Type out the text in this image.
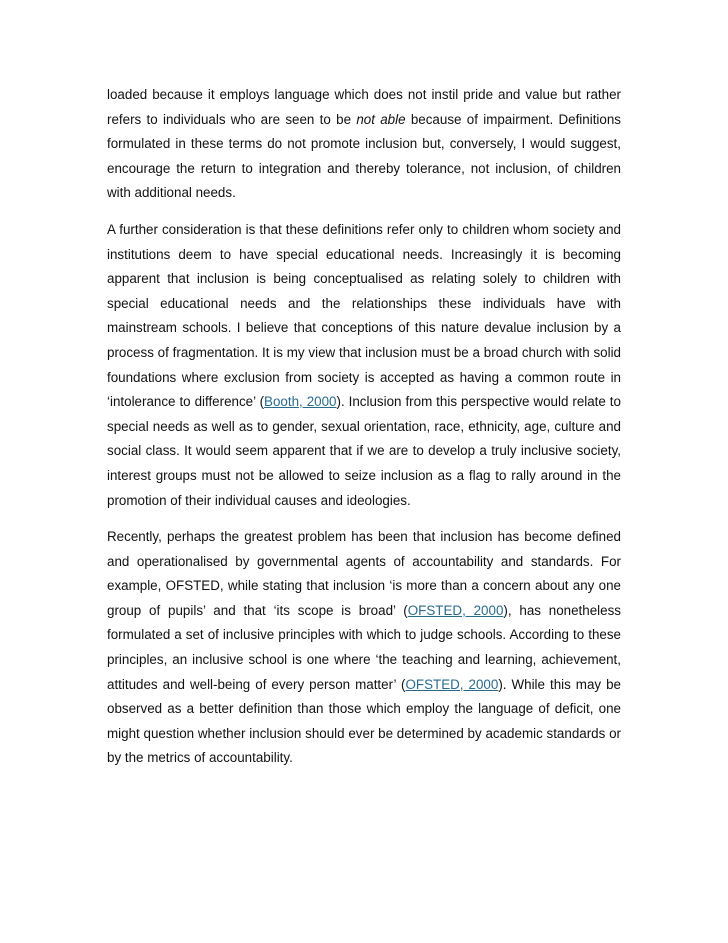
loaded because it employs language which does not instil pride and value but rather refers to individuals who are seen to be not able because of impairment. Definitions formulated in these terms do not promote inclusion but, conversely, I would suggest, encourage the return to integration and thereby tolerance, not inclusion, of children with additional needs.

A further consideration is that these definitions refer only to children whom society and institutions deem to have special educational needs. Increasingly it is becoming apparent that inclusion is being conceptualised as relating solely to children with special educational needs and the relationships these individuals have with mainstream schools. I believe that conceptions of this nature devalue inclusion by a process of fragmentation. It is my view that inclusion must be a broad church with solid foundations where exclusion from society is accepted as having a common route in ‘intolerance to difference’ (Booth, 2000). Inclusion from this perspective would relate to special needs as well as to gender, sexual orientation, race, ethnicity, age, culture and social class. It would seem apparent that if we are to develop a truly inclusive society, interest groups must not be allowed to seize inclusion as a flag to rally around in the promotion of their individual causes and ideologies.

Recently, perhaps the greatest problem has been that inclusion has become defined and operationalised by governmental agents of accountability and standards. For example, OFSTED, while stating that inclusion ‘is more than a concern about any one group of pupils’ and that ‘its scope is broad’ (OFSTED, 2000), has nonetheless formulated a set of inclusive principles with which to judge schools. According to these principles, an inclusive school is one where ‘the teaching and learning, achievement, attitudes and well-being of every person matter’ (OFSTED, 2000). While this may be observed as a better definition than those which employ the language of deficit, one might question whether inclusion should ever be determined by academic standards or by the metrics of accountability.
